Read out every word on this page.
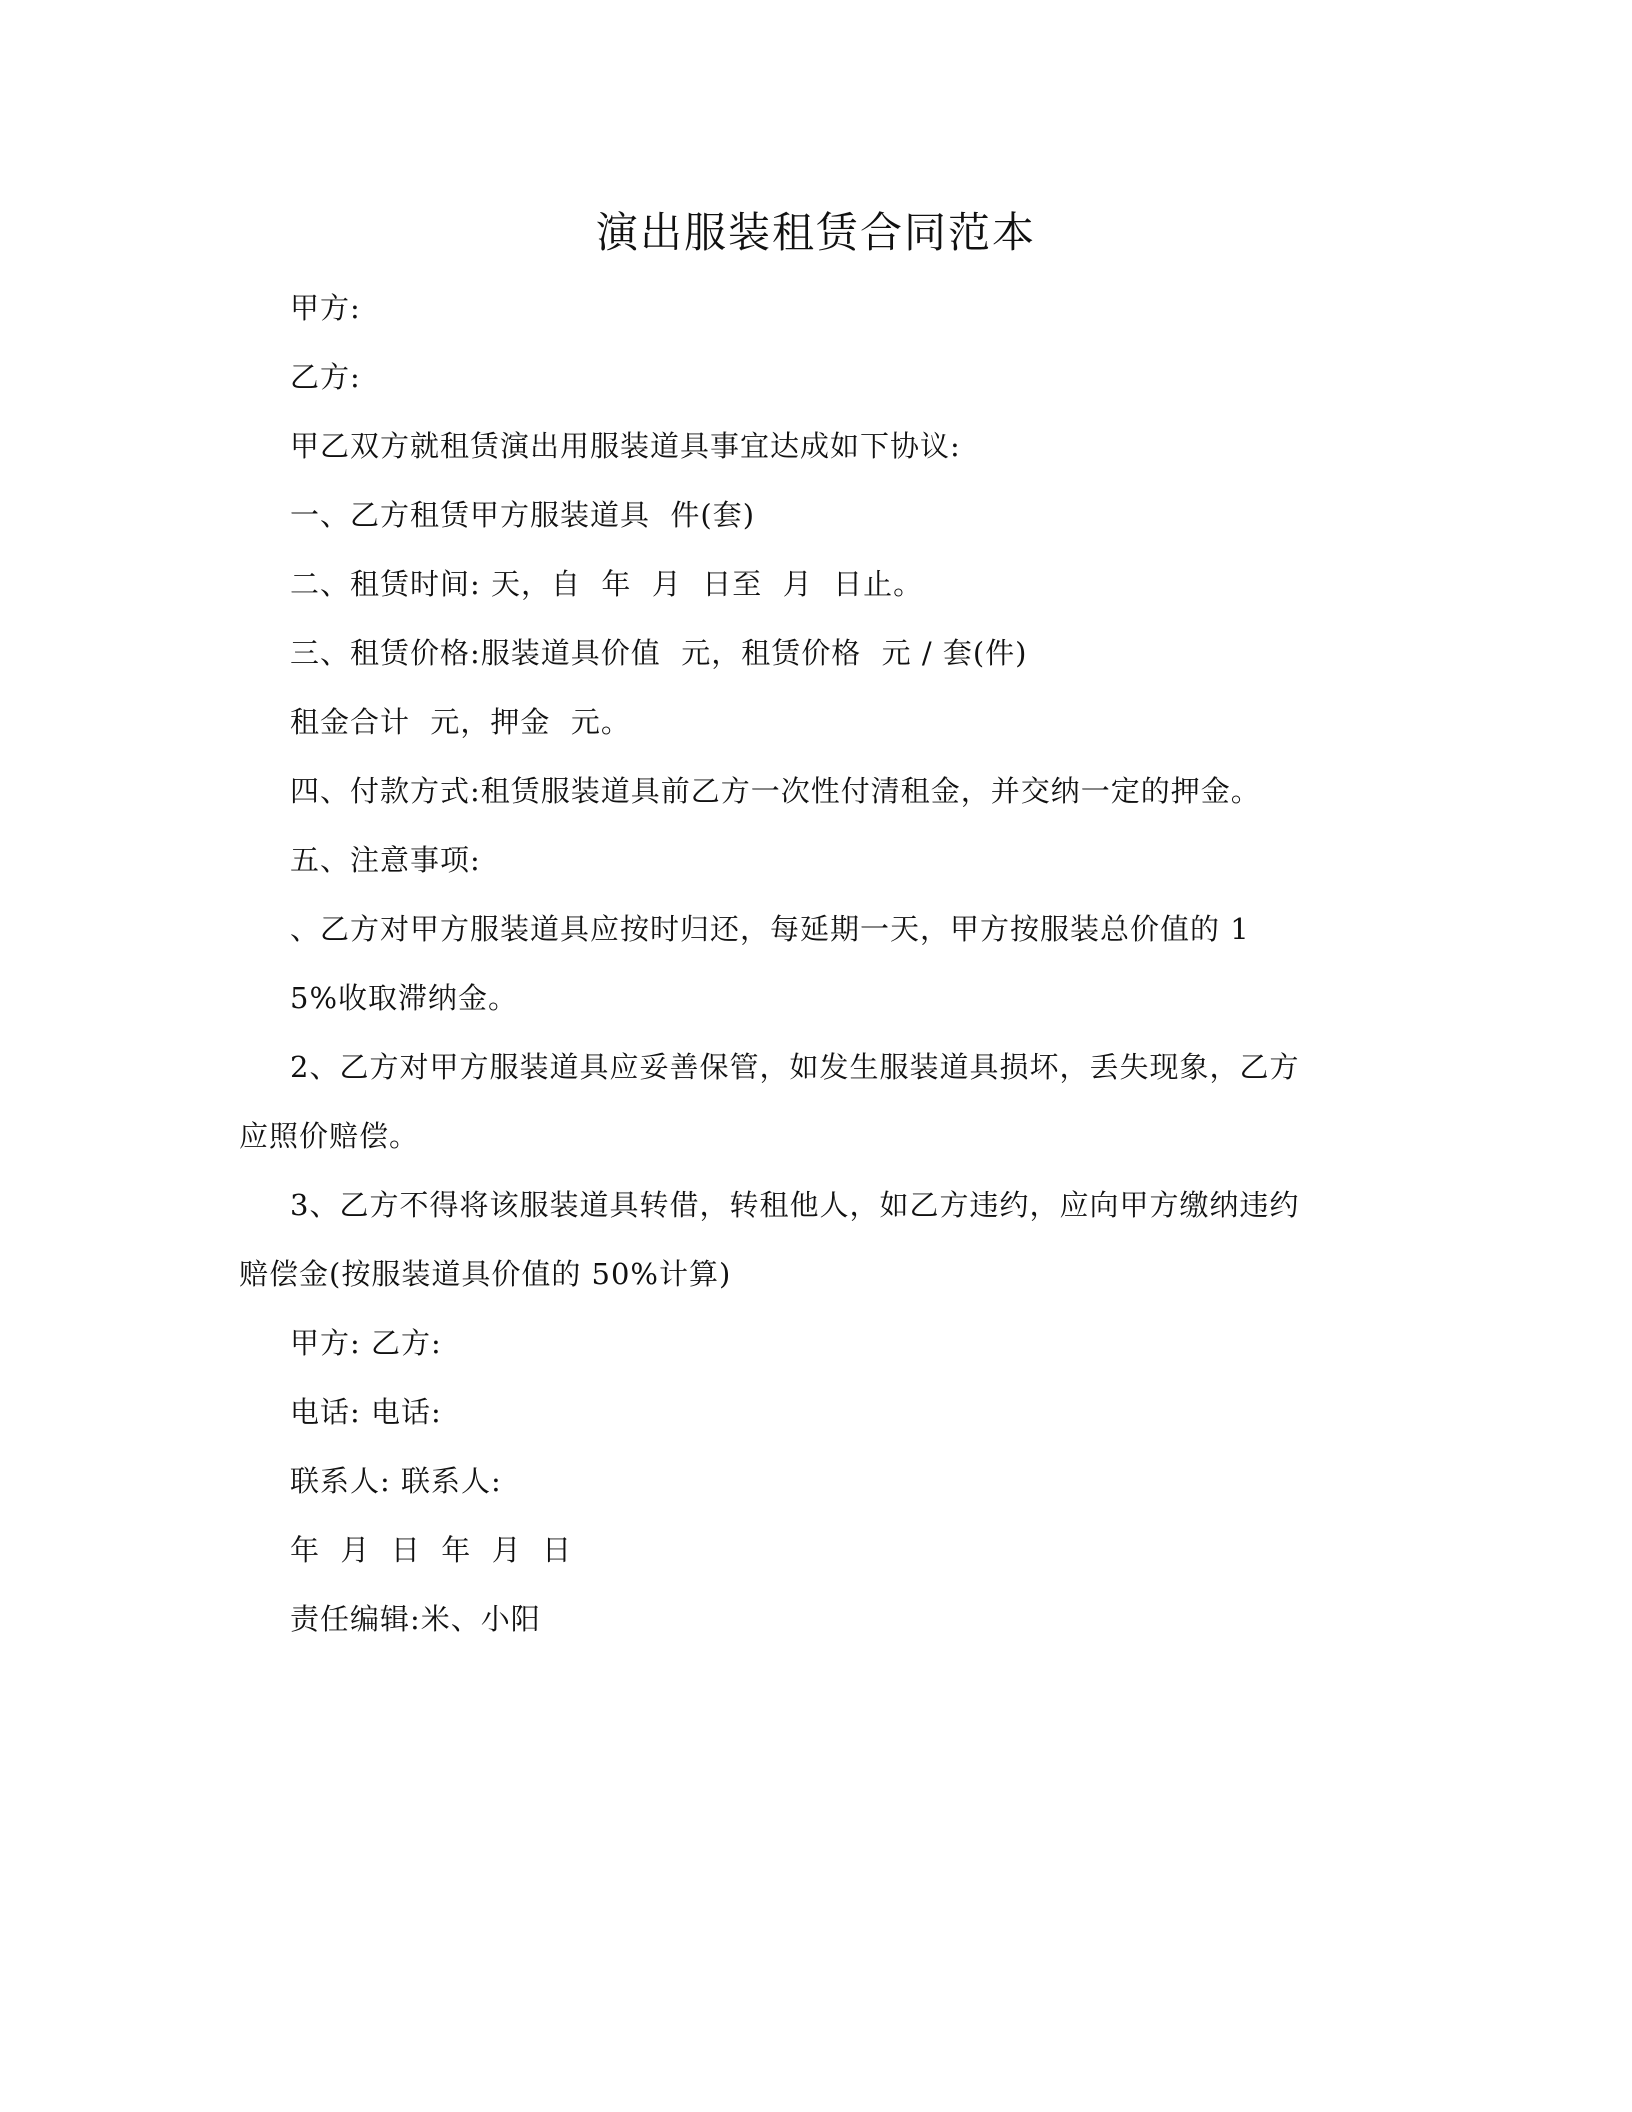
演出服装租赁合同范本
甲方:
乙方:
甲乙双方就租赁演出用服装道具事宜达成如下协议:
一、乙方租赁甲方服装道具  件(套)
二、租赁时间: 天，自  年  月  日至  月  日止。
三、租赁价格:服装道具价值  元，租赁价格  元 / 套(件)
租金合计  元，押金  元。
四、付款方式:租赁服装道具前乙方一次性付清租金，并交纳一定的押金。
五、注意事项:
、乙方对甲方服装道具应按时归还，每延期一天，甲方按服装总价值的 1
5%收取滞纳金。
2、乙方对甲方服装道具应妥善保管，如发生服装道具损坏，丢失现象，乙方
应照价赔偿。
3、乙方不得将该服装道具转借，转租他人，如乙方违约，应向甲方缴纳违约
赔偿金(按服装道具价值的 50%计算)
甲方: 乙方:
电话: 电话:
联系人: 联系人:
年  月  日  年  月  日
责任编辑:米、小阳
